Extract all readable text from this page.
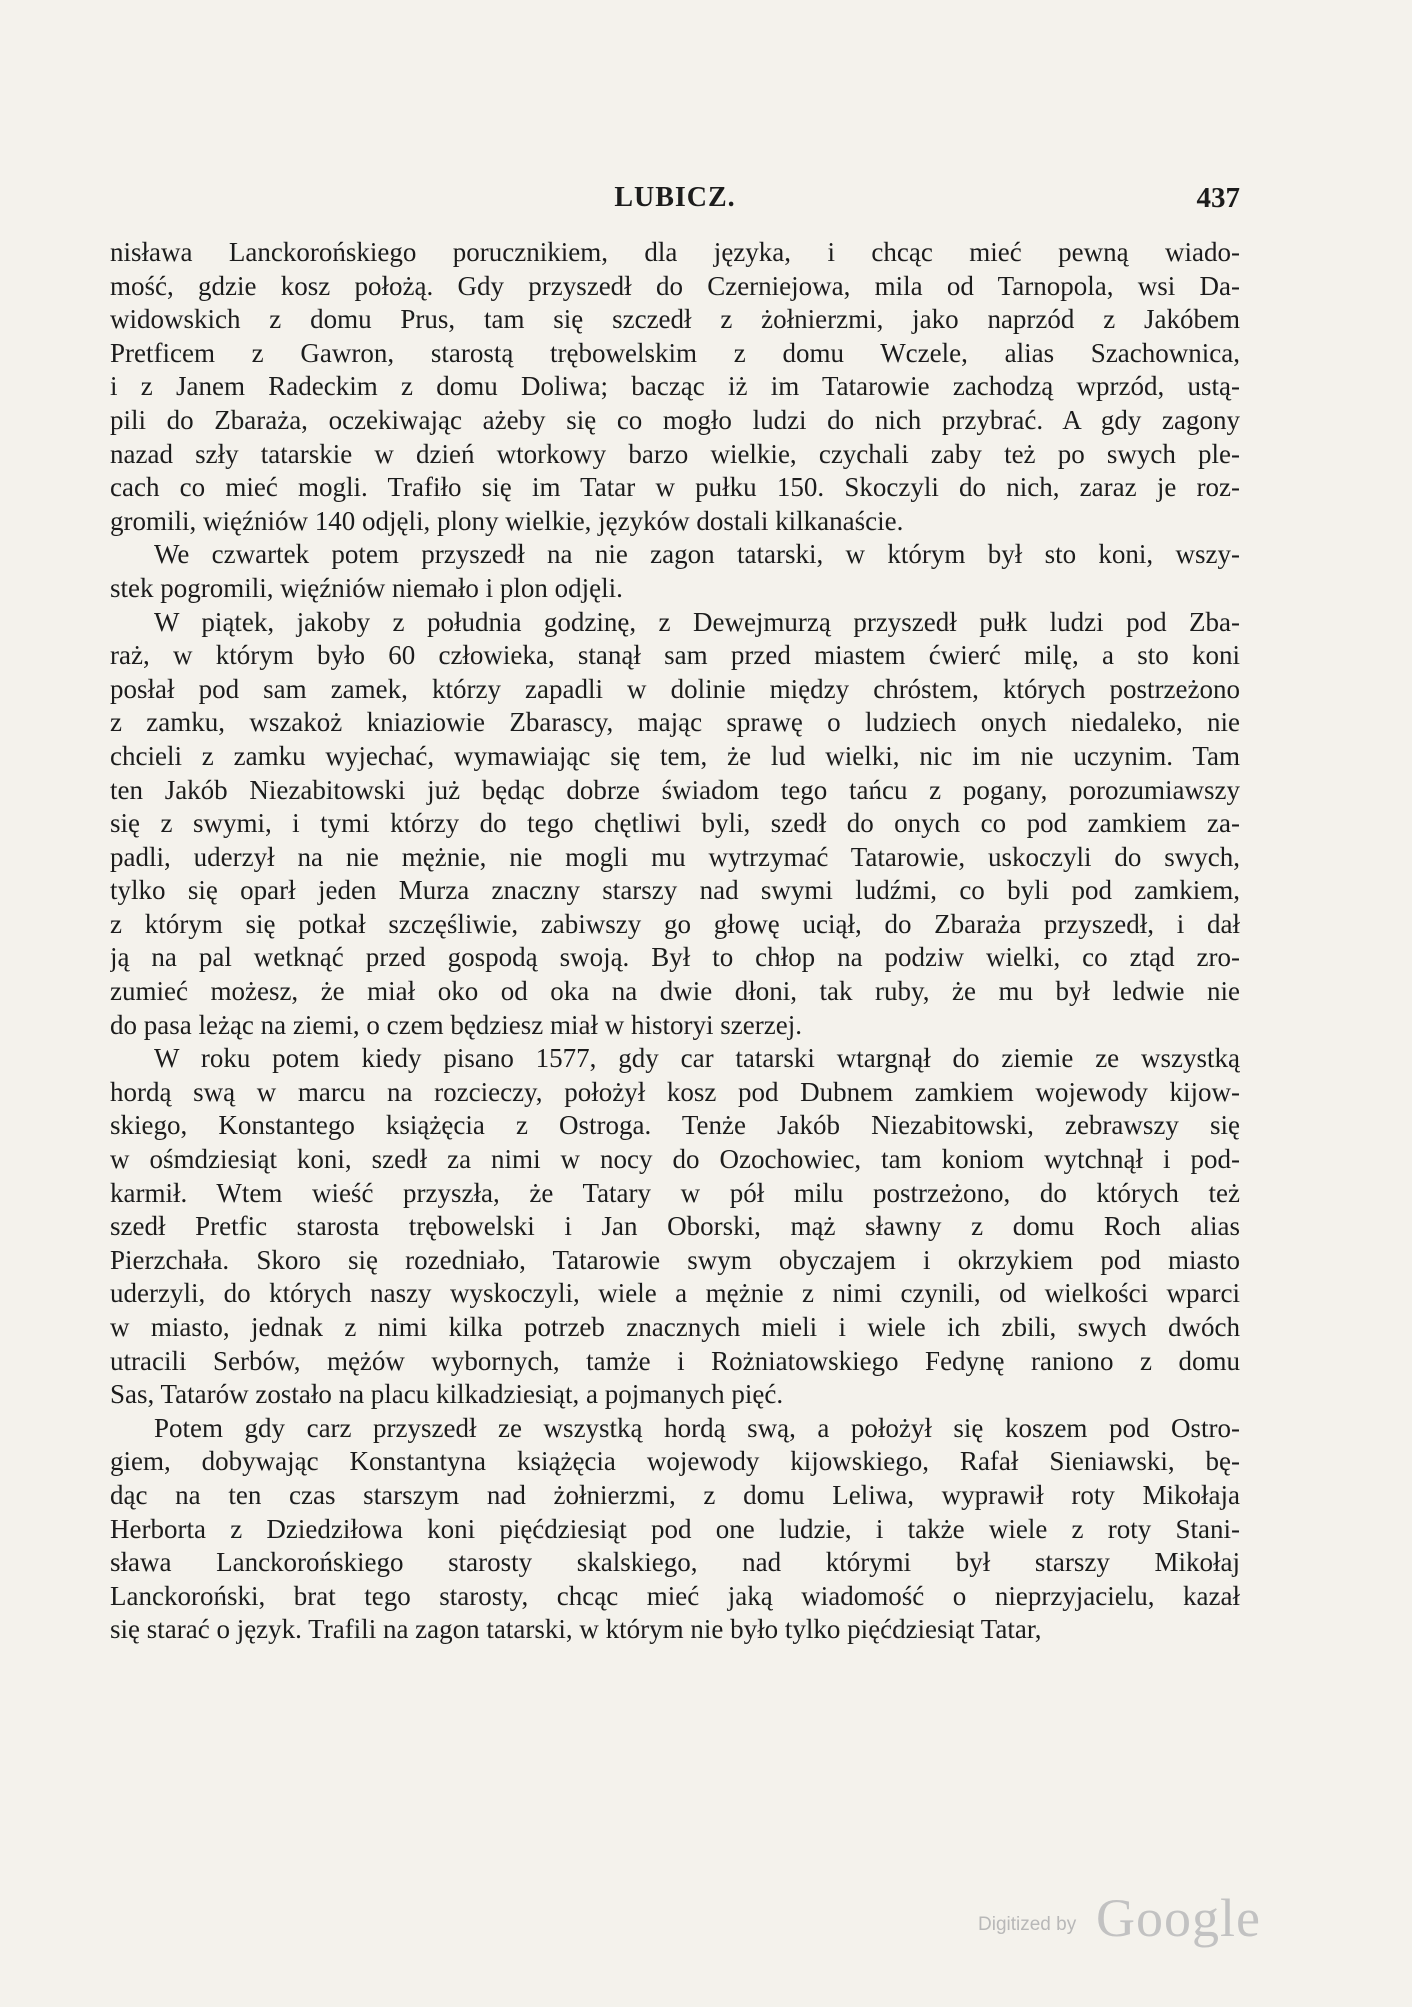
LUBICZ.	437
nisława Lanckorońskiego porucznikiem, dla języka, i chcąc mieć pewną wiado-
mość, gdzie kosz położą. Gdy przyszedł do Czerniejowa, mila od Tarnopola, wsi Da-
widowskich z domu Prus, tam się szczedł z żołnierzmi, jako naprzód z Jakóbem
Pretficem z Gawron, starostą trębowelskim z domu Wczele, alias Szachownica,
i z Janem Radeckim z domu Doliwa; bacząc iż im Tatarowie zachodzą wprzód, ustą-
pili do Zbaraża, oczekiwając ażeby się co mogło ludzi do nich przybrać. A gdy zagony
nazad szły tatarskie w dzień wtorkowy barzo wielkie, czychali zaby też po swych ple-
cach co mieć mogli. Trafiło się im Tatar w pułku 150. Skoczyli do nich, zaraz je roz-
gromili, więźniów 140 odjęli, plony wielkie, języków dostali kilkanaście.
We czwartek potem przyszedł na nie zagon tatarski, w którym był sto koni, wszy-
stek pogromili, więźniów niemało i plon odjęli.
W piątek, jakoby z południa godzinę, z Dewejmurzą przyszedł pułk ludzi pod Zba-
raż, w którym było 60 człowieka, stanął sam przed miastem ćwierć milę, a sto koni
posłał pod sam zamek, którzy zapadli w dolinie między chróstem, których postrzeżono
z zamku, wszakoż kniaziowie Zbarascy, mając sprawę o ludziech onych niedaleko, nie
chcieli z zamku wyjechać, wymawiając się tem, że lud wielki, nic im nie uczynim. Tam
ten Jakób Niezabitowski już będąc dobrze świadom tego tańcu z pogany, porozumiawszy
się z swymi, i tymi którzy do tego chętliwi byli, szedł do onych co pod zamkiem za-
padli, uderzył na nie mężnie, nie mogli mu wytrzymać Tatarowie, uskoczyli do swych,
tylko się oparł jeden Murza znaczny starszy nad swymi ludźmi, co byli pod zamkiem,
z którym się potkał szczęśliwie, zabiwszy go głowę uciął, do Zbaraża przyszedł, i dał
ją na pal wetknąć przed gospodą swoją. Był to chłop na podziw wielki, co ztąd zro-
zumieć możesz, że miał oko od oka na dwie dłoni, tak ruby, że mu był ledwie nie
do pasa leżąc na ziemi, o czem będziesz miał w historyi szerzej.
W roku potem kiedy pisano 1577, gdy car tatarski wtargnął do ziemie ze wszystką
hordą swą w marcu na rozcieczy, położył kosz pod Dubnem zamkiem wojewody kijow-
skiego, Konstantego książęcia z Ostroga. Tenże Jakób Niezabitowski, zebrawszy się
w ośmdziesiąt koni, szedł za nimi w nocy do Ozochowiec, tam koniom wytchnął i pod-
karmił. Wtem wieść przyszła, że Tatary w pół milu postrzeżono, do których też
szedł Pretfic starosta trębowelski i Jan Oborski, mąż sławny z domu Roch alias
Pierzchała. Skoro się rozedniało, Tatarowie swym obyczajem i okrzykiem pod miasto
uderzyli, do których naszy wyskoczyli, wiele a mężnie z nimi czynili, od wielkości wparci
w miasto, jednak z nimi kilka potrzeb znacznych mieli i wiele ich zbili, swych dwóch
utracili Serbów, mężów wybornych, tamże i Rożniatowskiego Fedynę raniono z domu
Sas, Tatarów zostało na placu kilkadziesiąt, a pojmanych pięć.
Potem gdy carz przyszedł ze wszystką hordą swą, a położył się koszem pod Ostro-
giem, dobywając Konstantyna książęcia wojewody kijowskiego, Rafał Sieniawski, bę-
dąc na ten czas starszym nad żołnierzmi, z domu Leliwa, wyprawił roty Mikołaja
Herborta z Dziedziłowa koni pięćdziesiąt pod one ludzie, i także wiele z roty Stani-
sława Lanckorońskiego starosty skalskiego, nad którymi był starszy Mikołaj
Lanckoroński, brat tego starosty, chcąc mieć jaką wiadomość o nieprzyjacielu, kazał
się starać o język. Trafili na zagon tatarski, w którym nie było tylko pięćdziesiąt Tatar,
Digitized by Google
